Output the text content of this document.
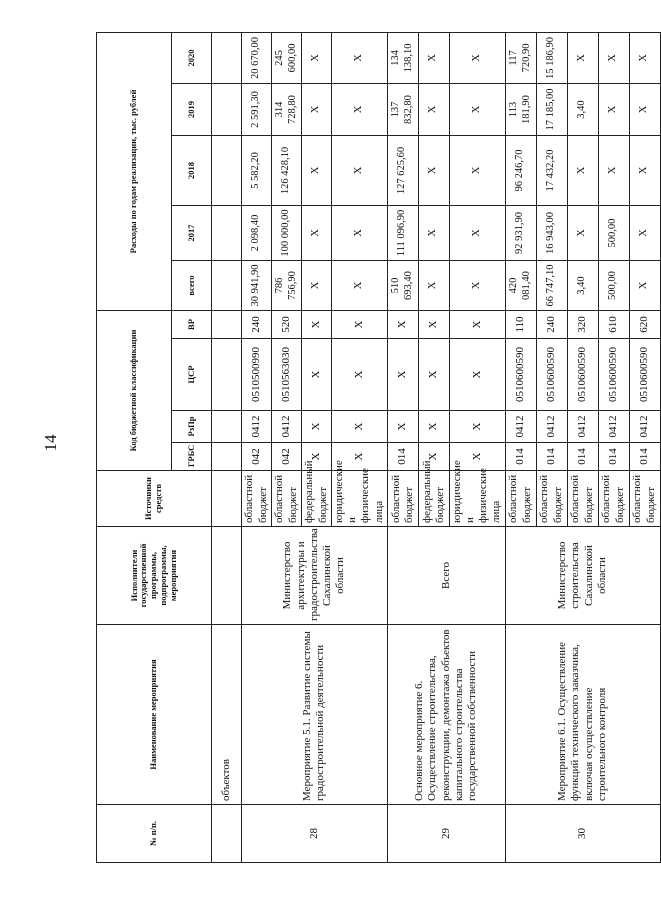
14
№ п/п.	Наименование мероприятия	Исполнители государственной программы, подпрограммы, мероприятия	Источники средств	Код бюджетной классификации				Расходы по годам реализации, тыс. рублей				
				ГРБС	РзПр	ЦСР	ВР	всего	2017	2018	2019	2020
	объектов											
28	Мероприятие 5.1. Развитие системы градостроительной деятельности	Министерство архитектуры и градостроительства Сахалинской области	областной бюджет	042	0412	0510500990	240	30 941,90	2 098,40	5 582,20	2 591,30	20 670,00
			областной бюджет	042	0412	0510563030	520	786 756,90	100 000,00	126 428,10	314 728,80	245 600,00
			федеральный бюджет	Х	Х	Х	Х	Х	Х	Х	Х	Х
			юридические и физические лица	Х	Х	Х	Х	Х	Х	Х	Х	Х
29	Основное мероприятие 6. Осуществление строительства, реконструкции, демонтажа объектов капитального строительства государственной собственности	Всего	областной бюджет	014	Х	Х	Х	510 693,40	111 096,90	127 625,60	137 832,80	134 138,10
			федеральный бюджет	Х	Х	Х	Х	Х	Х	Х	Х	Х
			юридические и физические лица	Х	Х	Х	Х	Х	Х	Х	Х	Х
30	Мероприятие 6.1. Осуществление функций технического заказчика, включая осуществление строительного контроля	Министерство строительства Сахалинской области	областной бюджет	014	0412	0510600590	110	420 081,40	92 931,90	96 246,70	113 181,90	117 720,90
			областной бюджет	014	0412	0510600590	240	66 747,10	16 943,00	17 432,20	17 185,00	15 186,90
			областной бюджет	014	0412	0510600590	320	3,40	Х	Х	3,40	Х
			областной бюджет	014	0412	0510600590	610	500,00	500,00	Х	Х	Х
			областной бюджет	014	0412	0510600590	620	Х	Х	Х	Х	Х
